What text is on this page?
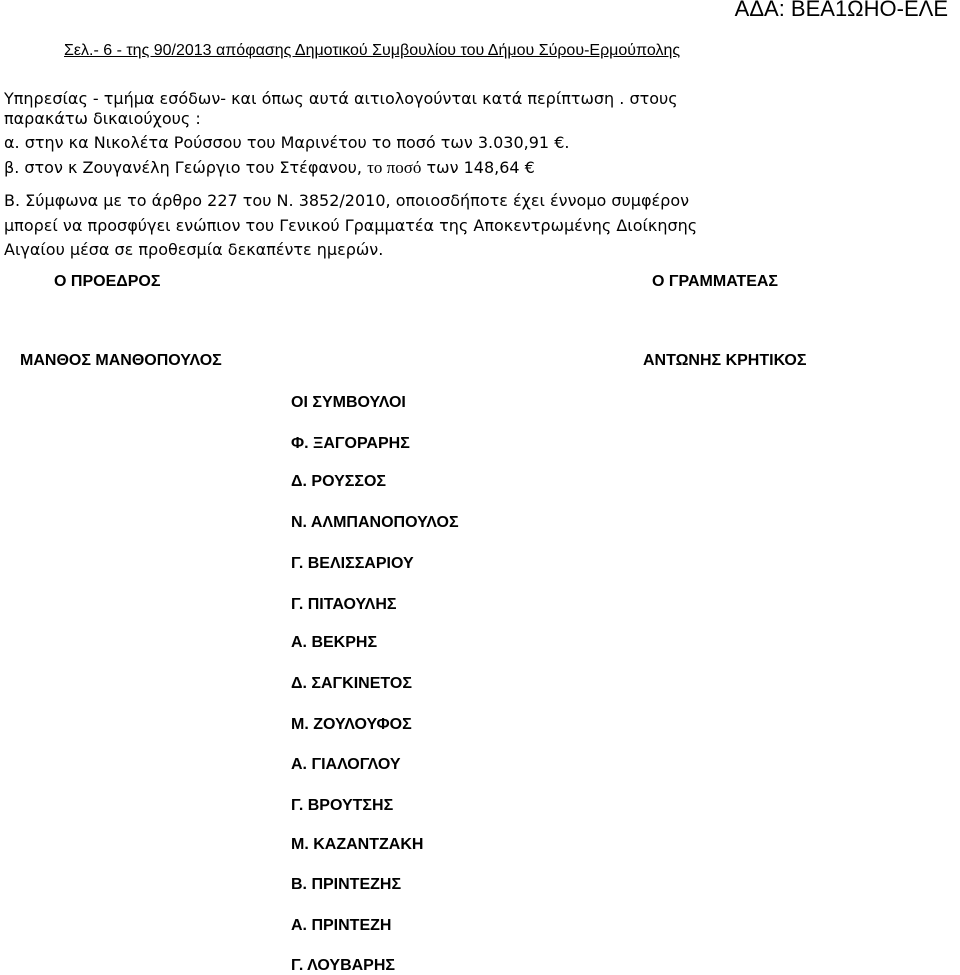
ΑΔΑ: ΒΕΑ1ΩΗΟ-ΕΛΕ
Σελ.- 6 - της 90/2013 απόφασης Δημοτικού Συμβουλίου του Δήμου Σύρου-Ερμούπολης
Υπηρεσίας - τμήμα εσόδων- και όπως αυτά αιτιολογούνται κατά περίπτωση . στους
παρακάτω δικαιούχους :
α. στην κα Νικολέτα Ρούσσου του Μαρινέτου το ποσό των 3.030,91 €.
β. στον κ Ζουγανέλη Γεώργιο του Στέφανου, το ποσό των 148,64 €
Β. Σύμφωνα με το άρθρο 227 του Ν. 3852/2010, οποιοσδήποτε έχει έννομο συμφέρον
μπορεί να προσφύγει ενώπιον του Γενικού Γραμματέα της Αποκεντρωμένης Διοίκησης
Αιγαίου μέσα σε προθεσμία δεκαπέντε ημερών.
Ο ΠΡΟΕΔΡΟΣ	Ο ΓΡΑΜΜΑΤΕΑΣ
ΜΑΝΘΟΣ ΜΑΝΘΟΠΟΥΛΟΣ	ΑΝΤΩΝΗΣ ΚΡΗΤΙΚΟΣ
ΟΙ ΣΥΜΒΟΥΛΟΙ
Φ. ΞΑΓΟΡΑΡΗΣ
Δ. ΡΟΥΣΣΟΣ
Ν. ΑΛΜΠΑΝΟΠΟΥΛΟΣ
Γ. ΒΕΛΙΣΣΑΡΙΟΥ
Γ. ΠΙΤΑΟΥΛΗΣ
Α. ΒΕΚΡΗΣ
Δ. ΣΑΓΚΙΝΕΤΟΣ
Μ. ΖΟΥΛΟΥΦΟΣ
Α. ΓΙΑΛΟΓΛΟΥ
Γ. ΒΡΟΥΤΣΗΣ
Μ. ΚΑΖΑΝΤΖΑΚΗ
Β. ΠΡΙΝΤΕΖΗΣ
Α. ΠΡΙΝΤΕΖΗ
Γ. ΛΟΥΒΑΡΗΣ
